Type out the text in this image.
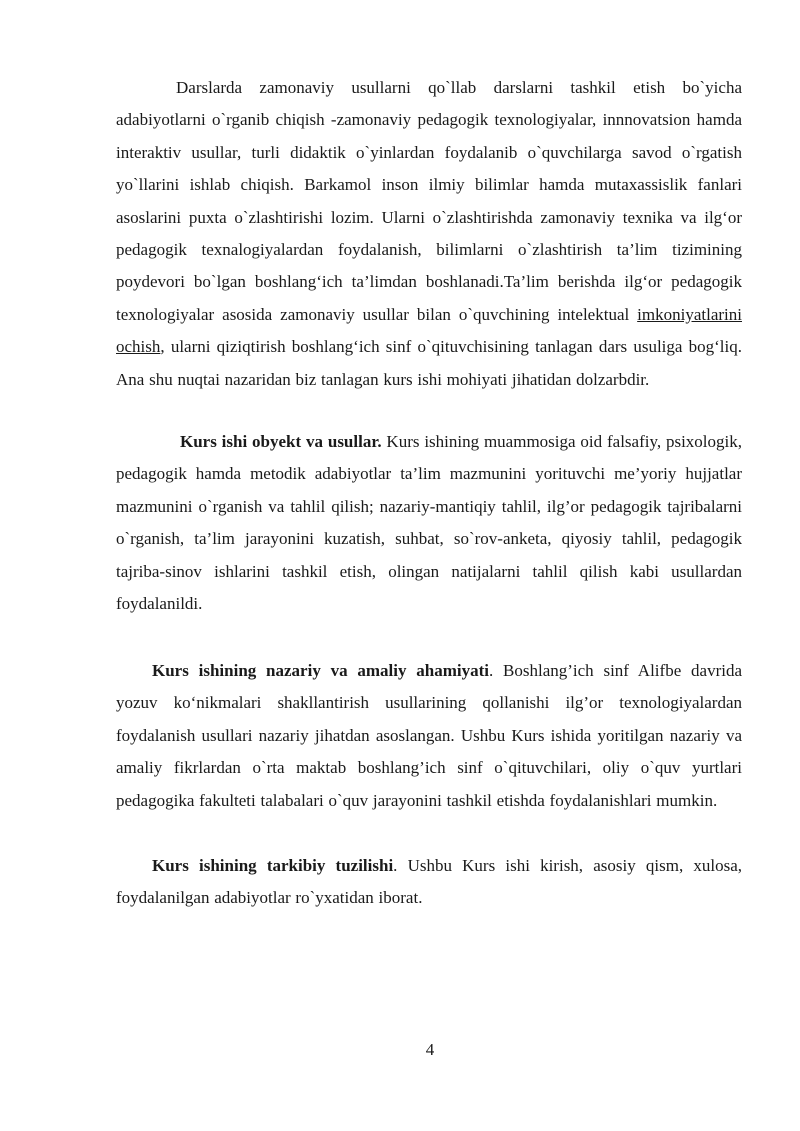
Darslarda zamonaviy usullarni qo`llab darslarni tashkil etish bo`yicha adabiyotlarni o`rganib chiqish -zamonaviy pedagogik texnologiyalar, innnovatsion hamda interaktiv usullar, turli didaktik o`yinlardan foydalanib o`quvchilarga savod o`rgatish yo`llarini ishlab chiqish. Barkamol inson ilmiy bilimlar hamda mutaxassislik fanlari asoslarini puxta o`zlashtirishi lozim. Ularni o`zlashtirishda zamonaviy texnika va ilg‘or pedagogik texnalogiyalardan foydalanish, bilimlarni o`zlashtirish ta’lim tizimining poydevori bo`lgan boshlang‘ich ta’limdan boshlanadi.Ta’lim berishda ilg‘or pedagogik texnologiyalar asosida zamonaviy usullar bilan o`quvchining intelektual imkoniyatlarini ochish, ularni qiziqtirish boshlang‘ich sinf o`qituvchisining tanlagan dars usuliga bog‘liq. Ana shu nuqtai nazaridan biz tanlagan kurs ishi mohiyati jihatidan dolzarbdir.

Kurs ishi obyekt va usullar. Kurs ishining muammosiga oid falsafiy, psixologik, pedagogik hamda metodik adabiyotlar ta’lim mazmunini yorituvchi me’yoriy hujjatlar mazmunini o`rganish va tahlil qilish; nazariy-mantiqiy tahlil, ilg’or pedagogik tajribalarni o`rganish, ta’lim jarayonini kuzatish, suhbat, so`rov-anketa, qiyosiy tahlil, pedagogik tajriba-sinov ishlarini tashkil etish, olingan natijalarni tahlil qilish kabi usullardan foydalanildi.

Kurs ishining nazariy va amaliy ahamiyati. Boshlang’ich sinf Alifbe davrida yozuv ko‘nikmalari shakllantirish usullarining qollanishi ilg’or texnologiyalardan foydalanish usullari nazariy jihatdan asoslangan. Ushbu Kurs ishida yoritilgan nazariy va amaliy fikrlardan o`rta maktab boshlang’ich sinf o`qituvchilari, oliy o`quv yurtlari pedagogika fakulteti talabalari o`quv jarayonini tashkil etishda foydalanishlari mumkin.

Kurs ishining tarkibiy tuzilishi. Ushbu Kurs ishi kirish, asosiy qism, xulosa, foydalanilgan adabiyotlar ro`yxatidan iborat.

4
